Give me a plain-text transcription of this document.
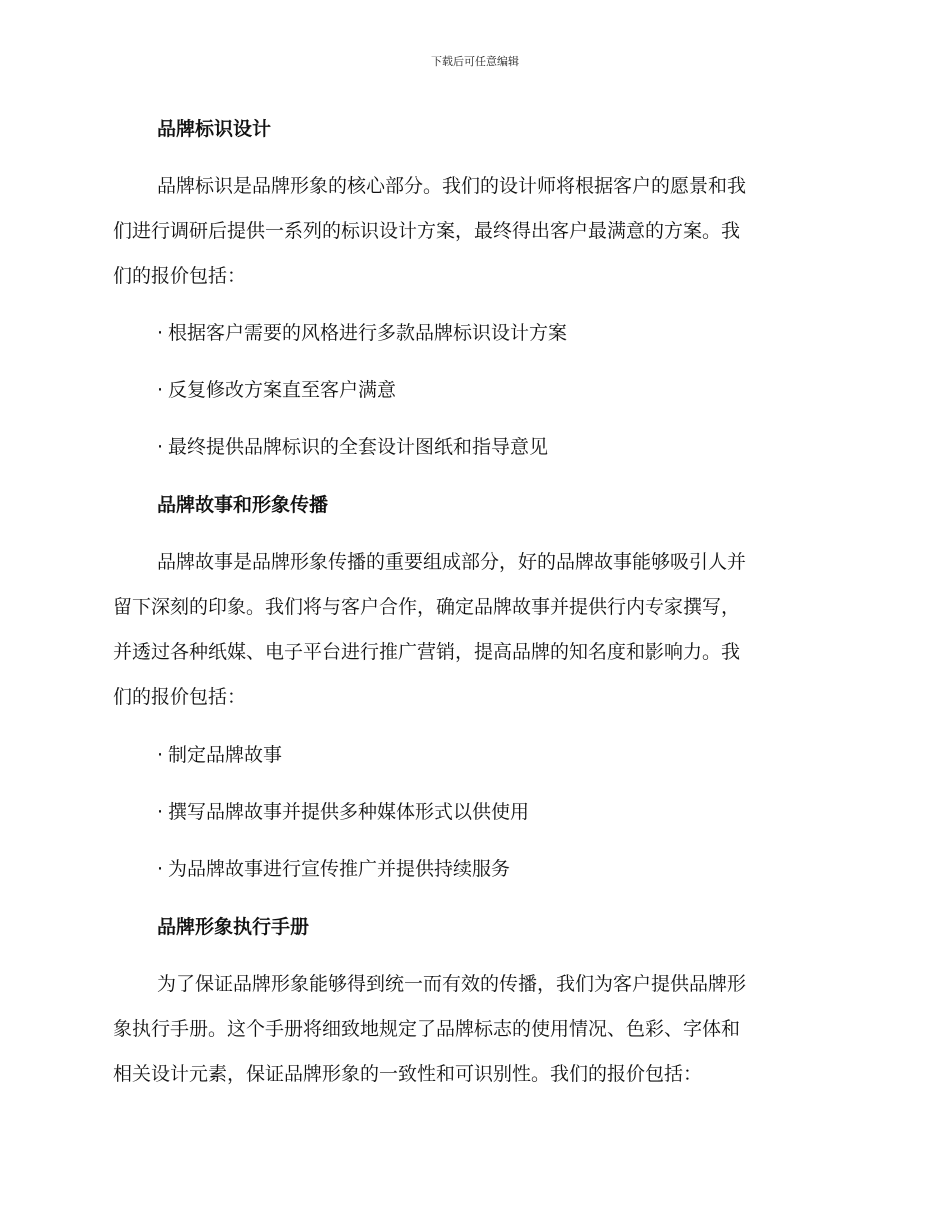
下载后可任意编辑
品牌标识设计

品牌标识是品牌形象的核心部分。我们的设计师将根据客户的愿景和我

们进行调研后提供一系列的标识设计方案，最终得出客户最满意的方案。我

们的报价包括：

· 根据客户需要的风格进行多款品牌标识设计方案

· 反复修改方案直至客户满意

· 最终提供品牌标识的全套设计图纸和指导意见

品牌故事和形象传播

品牌故事是品牌形象传播的重要组成部分，好的品牌故事能够吸引人并

留下深刻的印象。我们将与客户合作，确定品牌故事并提供行内专家撰写，

并透过各种纸媒、电子平台进行推广营销，提高品牌的知名度和影响力。我

们的报价包括：

· 制定品牌故事

· 撰写品牌故事并提供多种媒体形式以供使用

· 为品牌故事进行宣传推广并提供持续服务

品牌形象执行手册

为了保证品牌形象能够得到统一而有效的传播，我们为客户提供品牌形

象执行手册。这个手册将细致地规定了品牌标志的使用情况、色彩、字体和

相关设计元素，保证品牌形象的一致性和可识别性。我们的报价包括：
